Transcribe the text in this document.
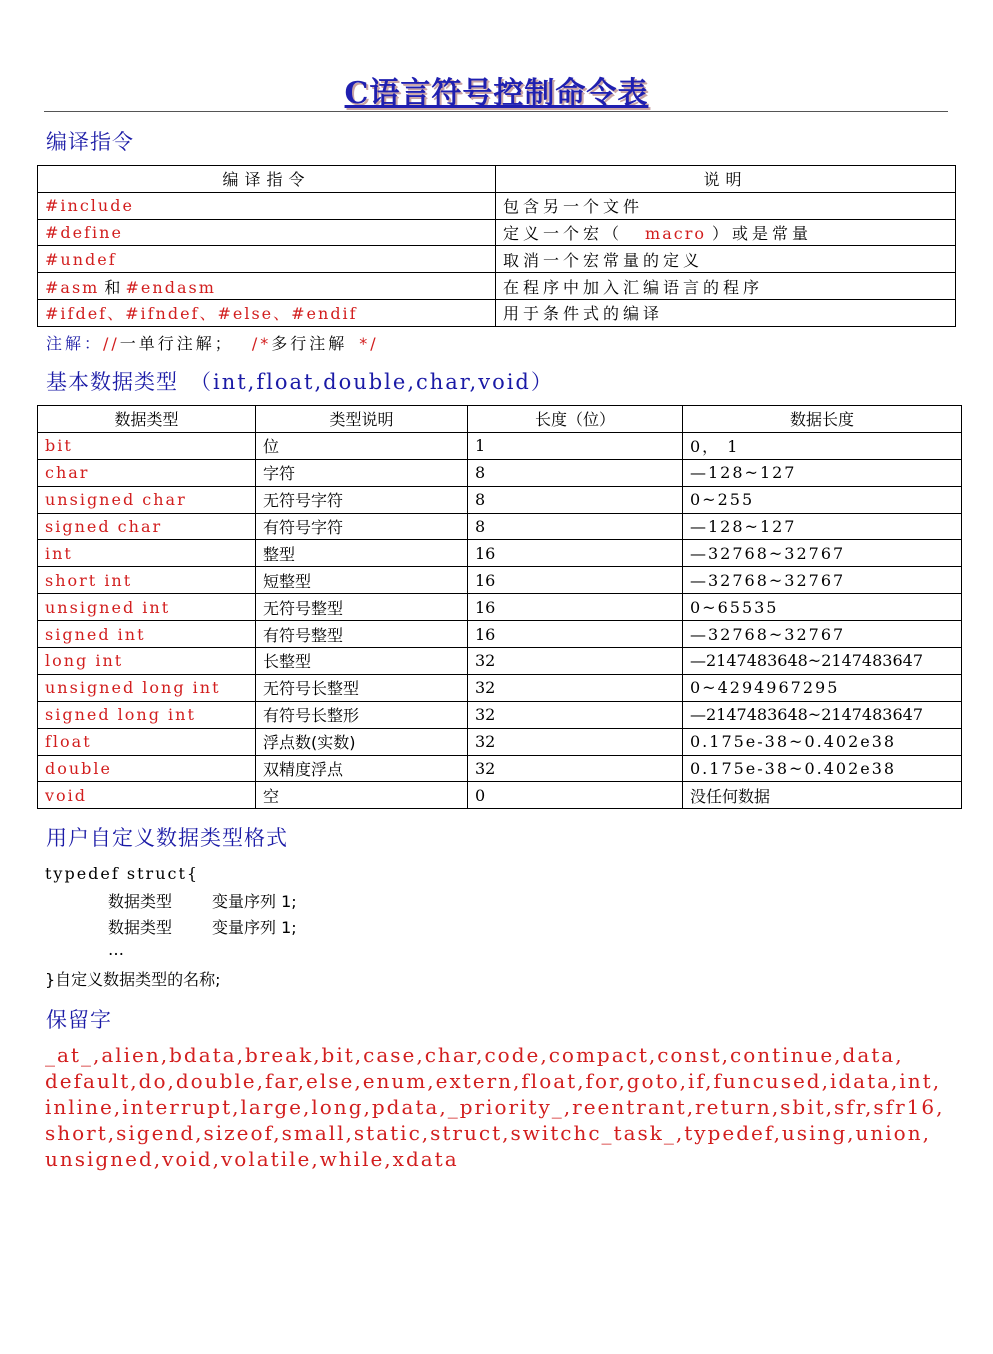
C语言符号控制命令表
编译指令
编译指令	说明
#include	包含另一个文件
#define	定义一个宏（ macro ）或是常量
#undef	取消一个宏常量的定义
#asm 和 #endasm	在程序中加入汇编语言的程序
#ifdef、#ifndef、#else、#endif	用于条件式的编译
注解：//一单行注解； /*多行注解 */
基本数据类型 （int,float,double,char,void）
数据类型	类型说明	长度（位）	数据长度
bit	位	1	0， 1
char	字符	8	—128~127
unsigned char	无符号字符	8	0~255
signed char	有符号字符	8	—128~127
int	整型	16	—32768~32767
short int	短整型	16	—32768~32767
unsigned int	无符号整型	16	0~65535
signed int	有符号整型	16	—32768~32767
long int	长整型	32	—2147483648~2147483647
unsigned long int	无符号长整型	32	0~4294967295
signed long int	有符号长整形	32	—2147483648~2147483647
float	浮点数(实数)	32	0.175e-38~0.402e38
double	双精度浮点	32	0.175e-38~0.402e38
void	空	0	没任何数据
用户自定义数据类型格式
typedef struct{
数据类型	变量序列 1;
数据类型	变量序列 1;
…
}自定义数据类型的名称;
保留字
_at_,alien,bdata,break,bit,case,char,code,compact,const,continue,data,
default,do,double,far,else,enum,extern,float,for,goto,if,funcused,idata,int,
inline,interrupt,large,long,pdata,_priority_,reentrant,return,sbit,sfr,sfr16,
short,sigend,sizeof,small,static,struct,switchc_task_,typedef,using,union,
unsigned,void,volatile,while,xdata
